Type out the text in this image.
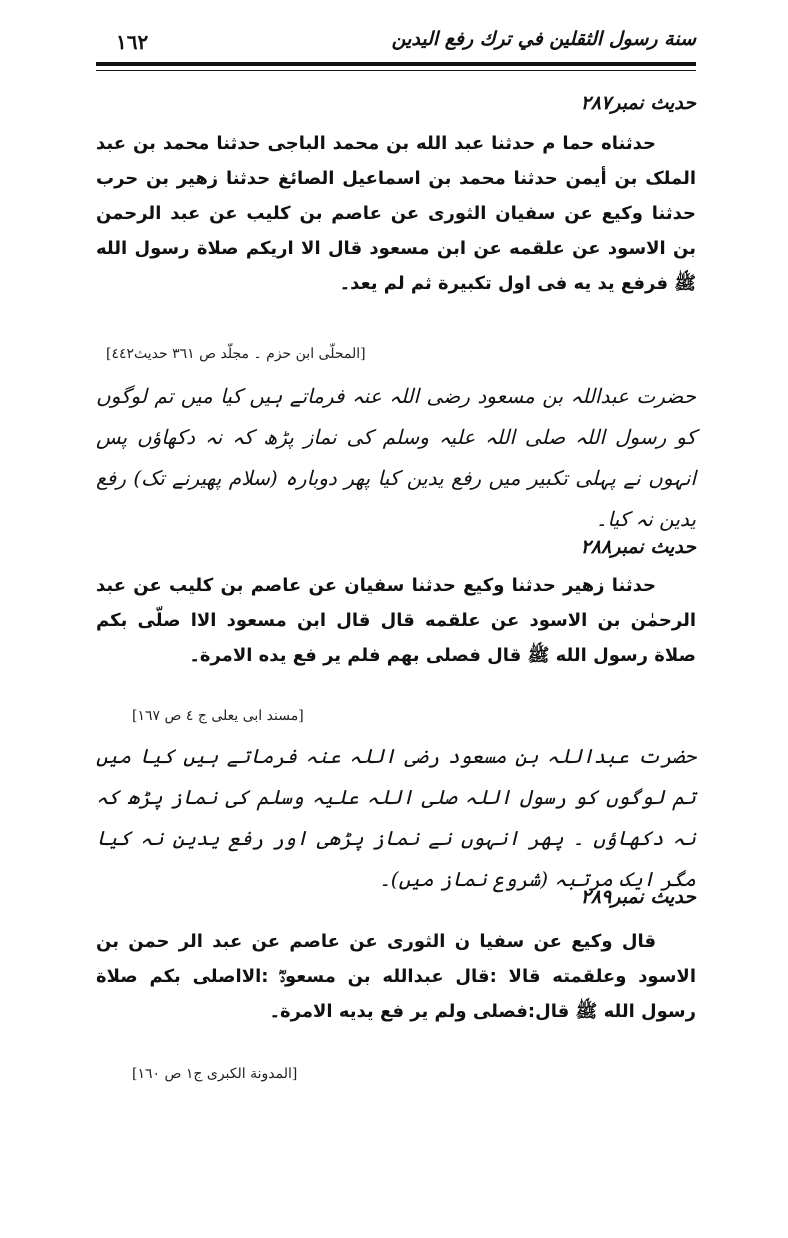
١٦٢	سنة رسول الثقلين في ترك رفع اليدين
حدیث نمبر۲۸۷

حدثناه حما م حدثنا عبد الله بن محمد الباجی حدثنا محمد بن عبد الملک بن أیمن حدثنا محمد بن اسماعیل الصائغ حدثنا زهیر بن حرب حدثنا وکیع عن سفیان الثوری عن عاصم بن کلیب عن عبد الرحمن بن الاسود عن علقمه عن ابن مسعود قال الا اریکم صلاة رسول الله ﷺ فرفع ید یه فی اول تکبیرة ثم لم یعد۔

[المحلّی ابن حزم ۔ مجلّد ص ٣٦١ حدیث٤٤٢]
حضرت عبداللہ بن مسعود رضی اللہ عنہ فرماتے ہیں کیا میں تم لوگوں کو رسول اللہ صلی اللہ علیہ وسلم کی نماز پڑھ کہ نہ دکھاؤں پس انہوں نے پہلی تکبیر میں رفع یدین کیا پھر دوبارہ (سلام پھیرنے تک) رفع یدین نہ کیا۔
حدیث نمبر۲۸۸

حدثنا زهیر حدثنا وکیع حدثنا سفیان عن عاصم بن کلیب عن عبد الرحمٰن بن الاسود عن علقمه قال قال ابن مسعود الاا صلّی بکم صلاة رسول الله ﷺ قال فصلی بهم فلم یر فع یده الامرة۔

[مسند ابی یعلی ج ٤ ص ١٦٧]
حضرت عبداللہ بن مسعود رضی اللہ عنہ فرماتے ہیں کیا میں تم لوگوں کو رسول اللہ صلی اللہ علیہ وسلم کی نماز پڑھ کہ نہ دکھاؤں ۔ پھر انہوں نے نماز پڑھی اور رفع یدین نہ کیا مگر ایک مرتبہ (شروع نماز میں)۔
حدیث نمبر۲۸۹

قال وکیع عن سفیا ن الثوری عن عاصم عن عبد الر حمن بن الاسود وعلقمته قالا :قال عبدالله بن مسعودؓ :الااصلی بکم صلاة رسول الله ﷺ قال:فصلی ولم یر فع یدیه الامرة۔

[المدونة الکبری ج١ ص ١٦٠]
